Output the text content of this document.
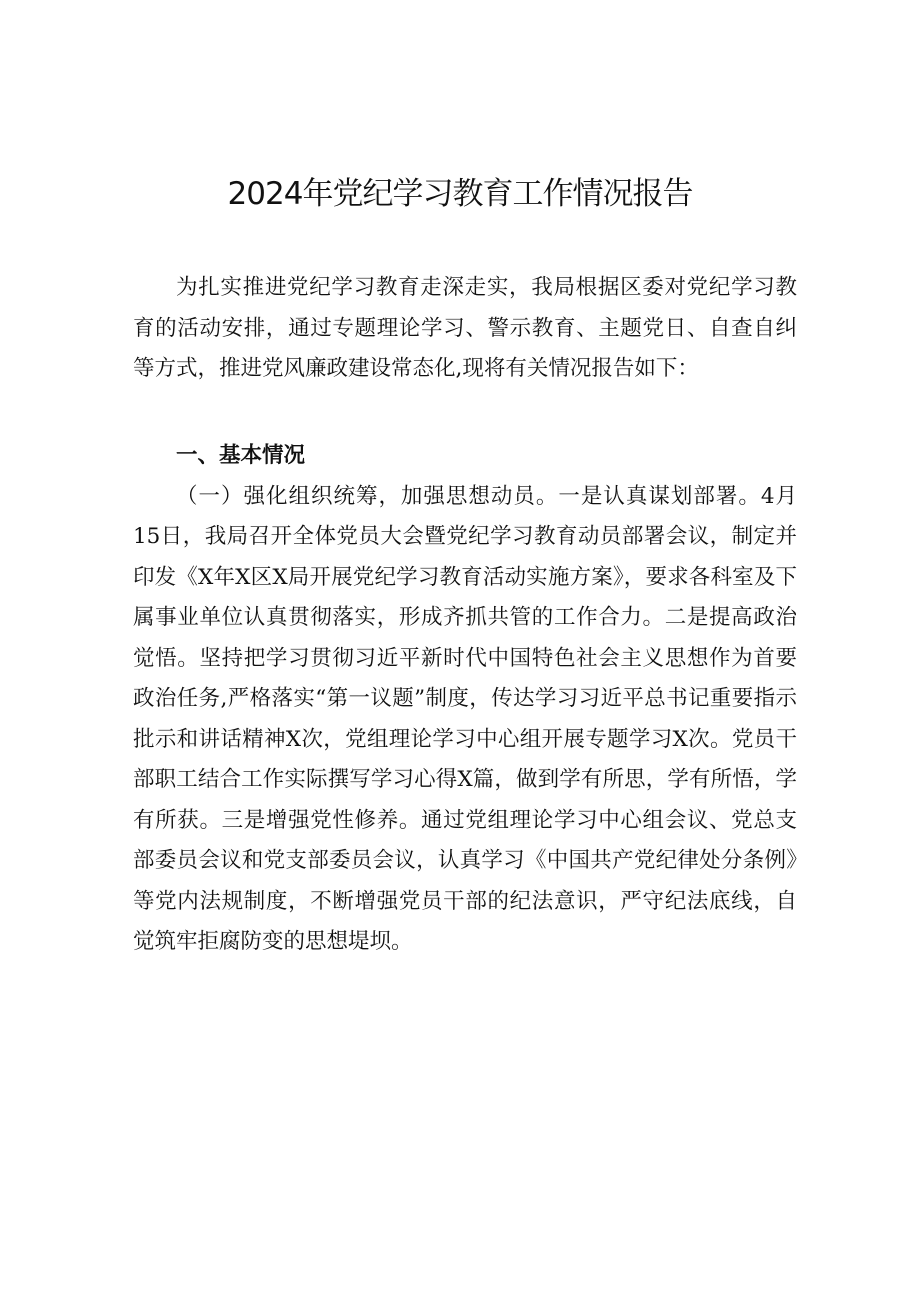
2024年党纪学习教育工作情况报告

为扎实推进党纪学习教育走深走实，我局根据区委对党纪学习教育的活动安排，通过专题理论学习、警示教育、主题党日、自查自纠等方式，推进党风廉政建设常态化,现将有关情况报告如下：

一、基本情况

（一）强化组织统筹，加强思想动员。一是认真谋划部署。4月15日，我局召开全体党员大会暨党纪学习教育动员部署会议，制定并印发《X年X区X局开展党纪学习教育活动实施方案》，要求各科室及下属事业单位认真贯彻落实，形成齐抓共管的工作合力。二是提高政治觉悟。坚持把学习贯彻习近平新时代中国特色社会主义思想作为首要政治任务,严格落实“第一议题”制度，传达学习习近平总书记重要指示批示和讲话精神X次，党组理论学习中心组开展专题学习X次。党员干部职工结合工作实际撰写学习心得X篇，做到学有所思，学有所悟，学有所获。三是增强党性修养。通过党组理论学习中心组会议、党总支部委员会议和党支部委员会议，认真学习《中国共产党纪律处分条例》等党内法规制度，不断增强党员干部的纪法意识，严守纪法底线，自觉筑牢拒腐防变的思想堤坝。
